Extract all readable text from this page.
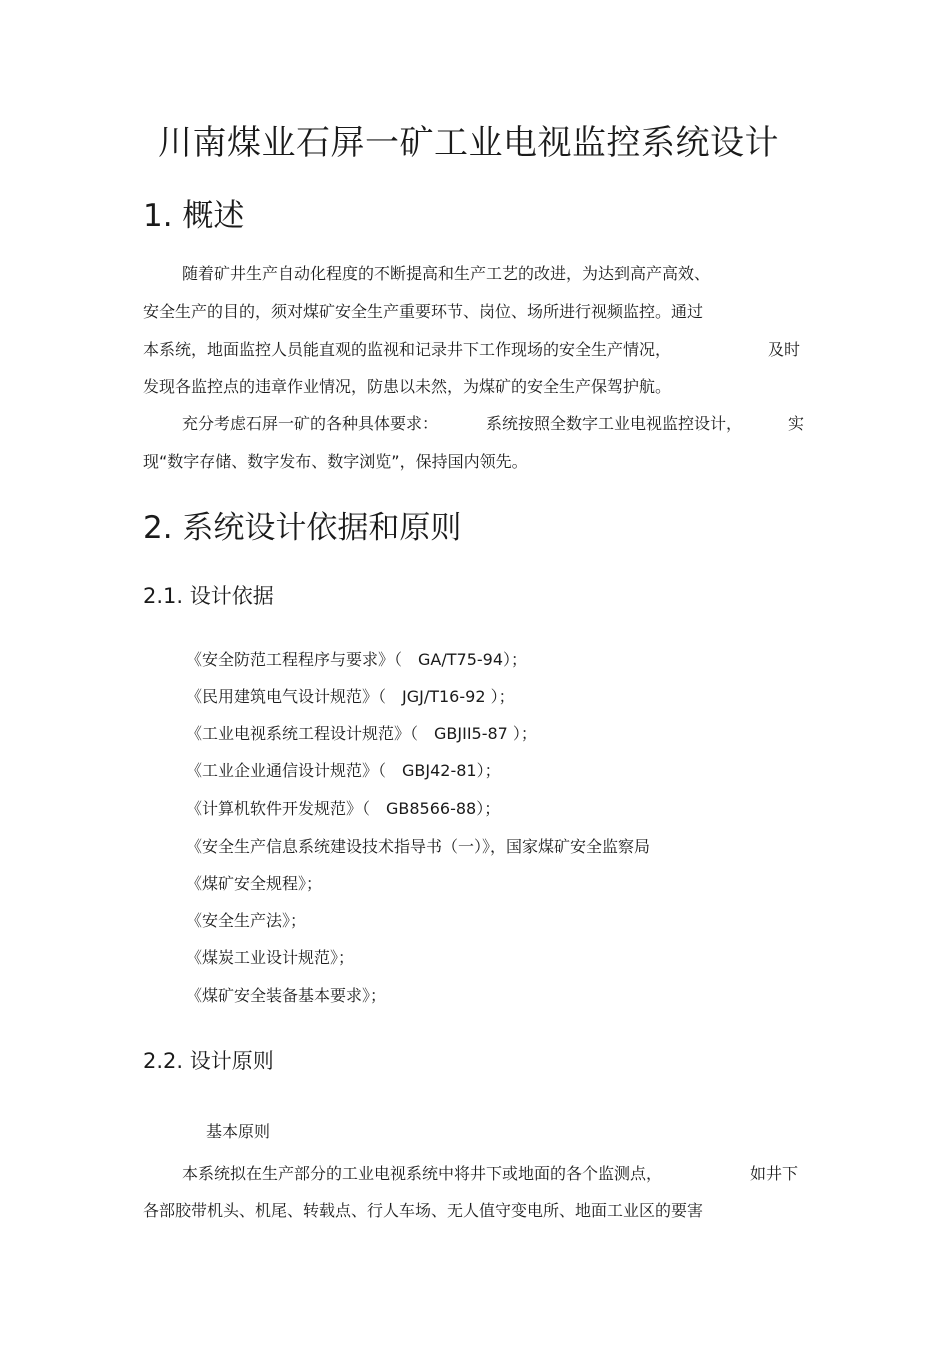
川南煤业石屏一矿工业电视监控系统设计
1. 概述
随着矿井生产自动化程度的不断提高和生产工艺的改进，为达到高产高效、
安全生产的目的，须对煤矿安全生产重要环节、岗位、场所进行视频监控。通过
本系统，地面监控人员能直观的监视和记录井下工作现场的安全生产情况，	及时
发现各监控点的违章作业情况，防患以未然，为煤矿的安全生产保驾护航。
充分考虑石屏一矿的各种具体要求：	系统按照全数字工业电视监控设计，	实
现“数字存储、数字发布、数字浏览”，保持国内领先。
2. 系统设计依据和原则
2.1. 设计依据
《安全防范工程程序与要求》（　GA/T75-94）；
《民用建筑电气设计规范》（　JGJ/T16-92 ）；
《工业电视系统工程设计规范》（　GBJII5-87 ）；
《工业企业通信设计规范》（　GBJ42-81）；
《计算机软件开发规范》（　GB8566-88）；
《安全生产信息系统建设技术指导书（一）》，国家煤矿安全监察局
《煤矿安全规程》；
《安全生产法》；
《煤炭工业设计规范》；
《煤矿安全装备基本要求》；
2.2. 设计原则
基本原则
本系统拟在生产部分的工业电视系统中将井下或地面的各个监测点，	如井下
各部胶带机头、机尾、转载点、行人车场、无人值守变电所、地面工业区的要害
